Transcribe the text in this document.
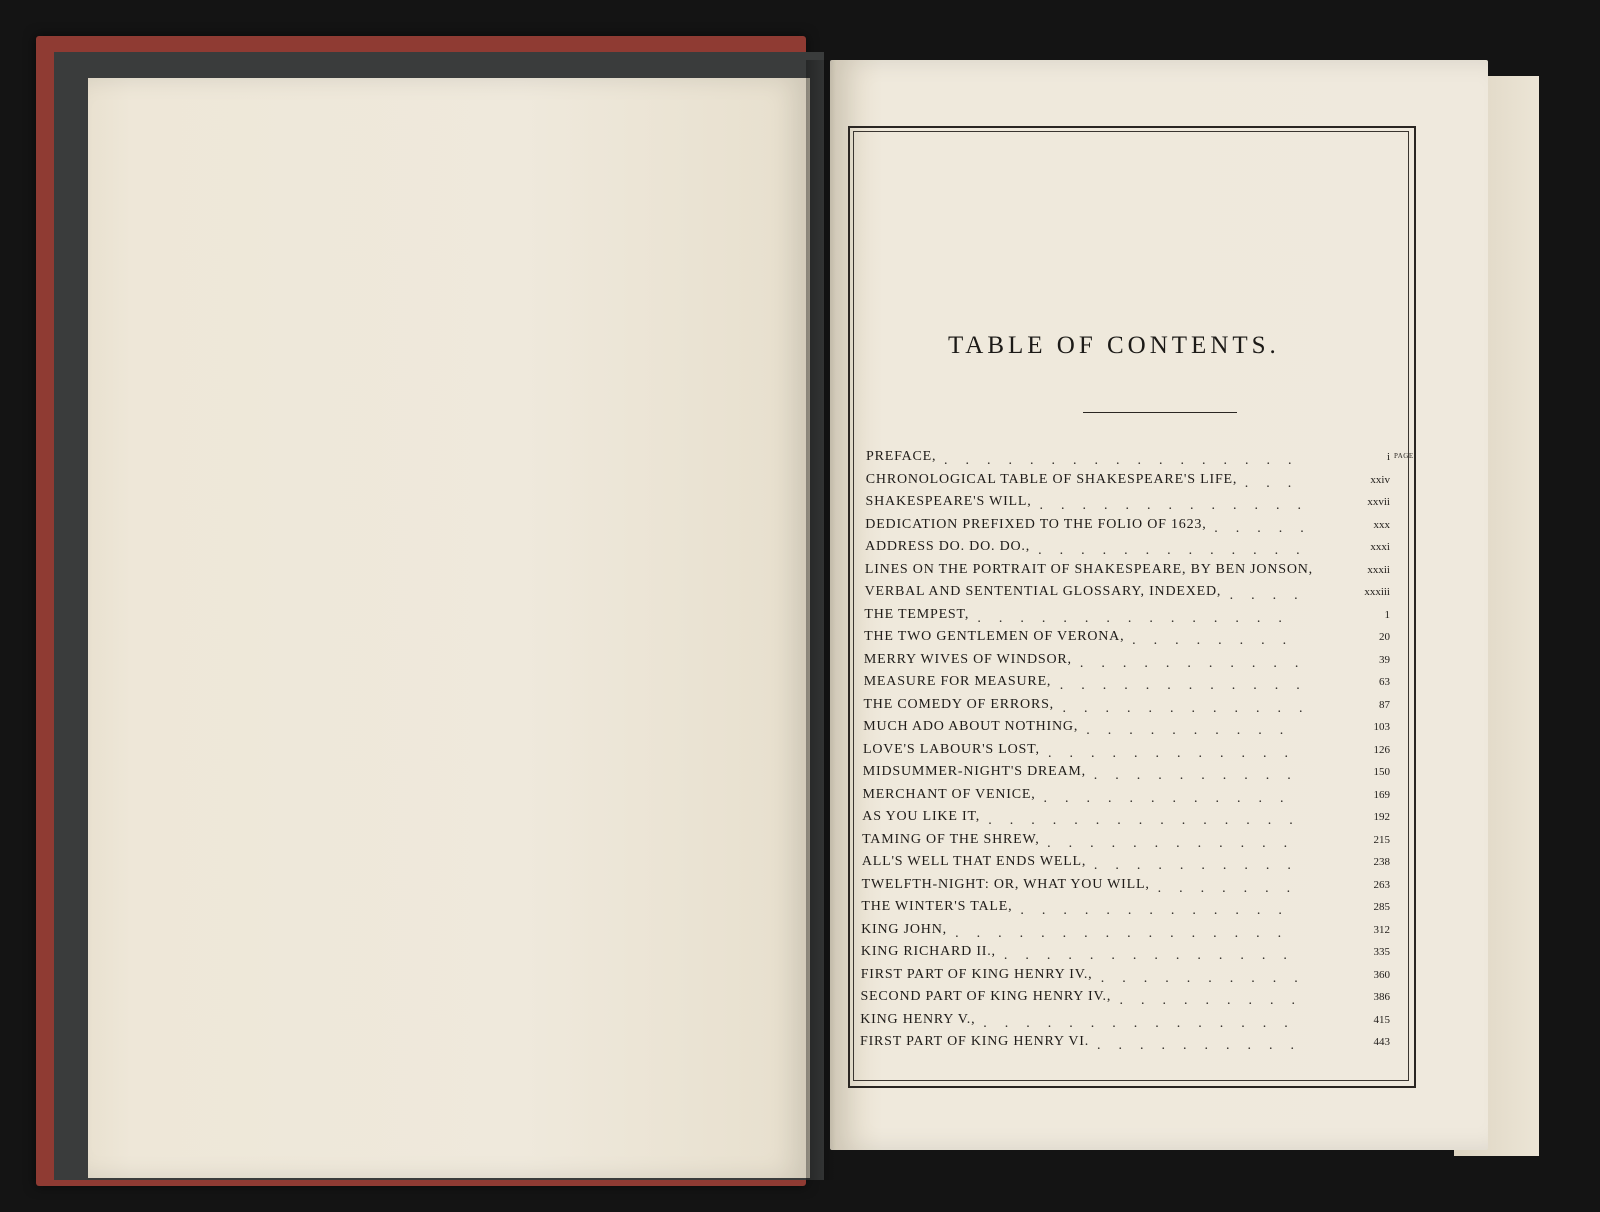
TABLE OF CONTENTS.
PAGE
PREFACE, .................	i
CHRONOLOGICAL TABLE OF SHAKESPEARE'S LIFE, ...	xxiv
SHAKESPEARE'S WILL, .............	xxvii
DEDICATION PREFIXED TO THE FOLIO OF 1623, .....	xxx
ADDRESS DO. DO. DO., .............	xxxi
LINES ON THE PORTRAIT OF SHAKESPEARE, BY BEN JONSON,	xxxii
VERBAL AND SENTENTIAL GLOSSARY, INDEXED, ....	xxxiii
THE TEMPEST, ...............	1
THE TWO GENTLEMEN OF VERONA, ........	20
MERRY WIVES OF WINDSOR, ...........	39
MEASURE FOR MEASURE, ............	63
THE COMEDY OF ERRORS, ............	87
MUCH ADO ABOUT NOTHING, ..........	103
LOVE'S LABOUR'S LOST, ............	126
MIDSUMMER-NIGHT'S DREAM, ..........	150
MERCHANT OF VENICE, ............	169
AS YOU LIKE IT, ...............	192
TAMING OF THE SHREW, ............	215
ALL'S WELL THAT ENDS WELL, ..........	238
TWELFTH-NIGHT: OR, WHAT YOU WILL, .......	263
THE WINTER'S TALE, .............	285
KING JOHN, ................	312
KING RICHARD II., ..............	335
FIRST PART OF KING HENRY IV., ..........	360
SECOND PART OF KING HENRY IV., .........	386
KING HENRY V., ...............	415
FIRST PART OF KING HENRY VI. ..........	443
